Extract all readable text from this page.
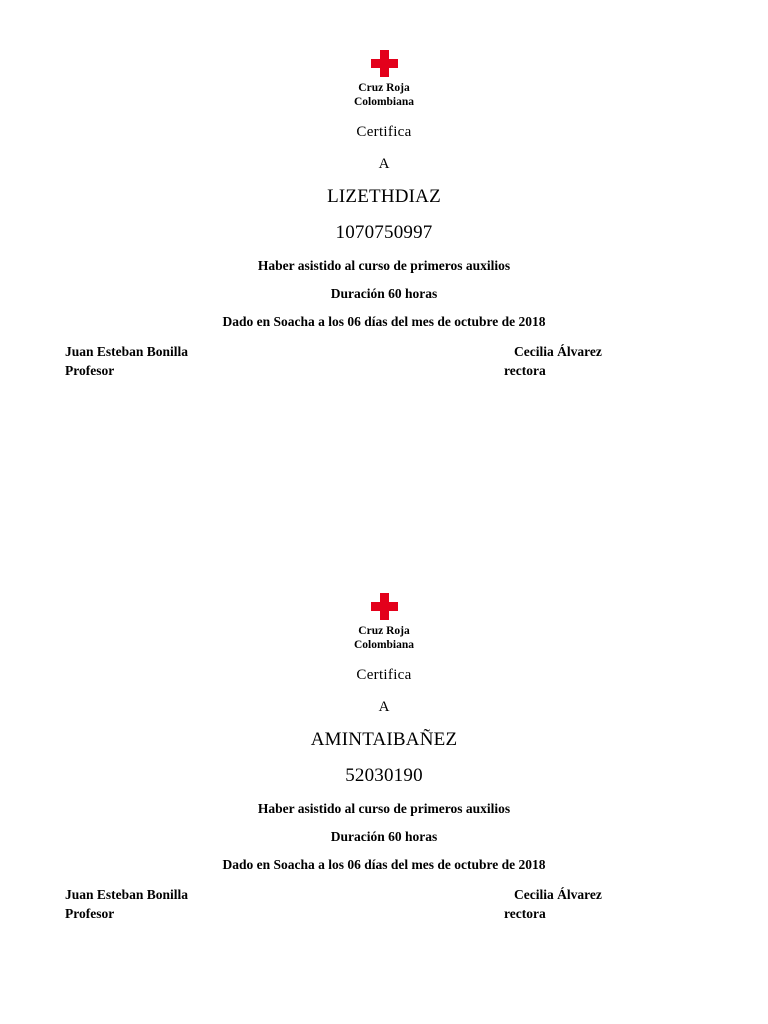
Cruz Roja
Colombiana
Certifica
A
LIZETHDIAZ
1070750997
Haber asistido al curso de primeros auxilios
Duración 60 horas
Dado en Soacha a los 06 días del mes de octubre de 2018
Juan Esteban Bonilla
Profesor
Cecilia Álvarez
rectora
Cruz Roja
Colombiana
Certifica
A
AMINTAIBAÑEZ
52030190
Haber asistido al curso de primeros auxilios
Duración 60 horas
Dado en Soacha a los 06 días del mes de octubre de 2018
Juan Esteban Bonilla
Profesor
Cecilia Álvarez
rectora
